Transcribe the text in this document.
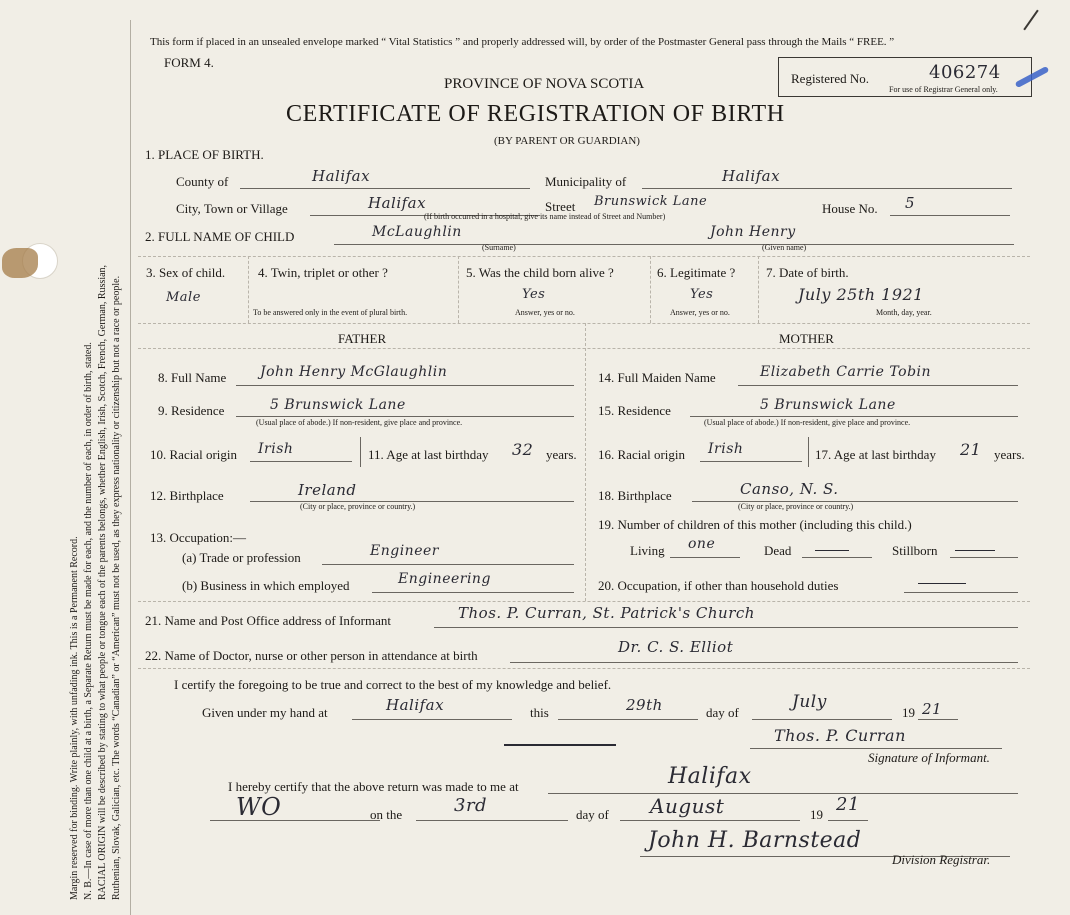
Margin reserved for binding. Write plainly, with unfading ink. This is a Permanent Record. N. B.—In case of more than one child at a birth, a Separate Return must be made for each, and the number of each, in order of birth, stated. RACIAL ORIGIN will be described by stating to what people or tongue each of the parents belongs, whether English, Irish, Scotch, French, German, Russian, Ruthenian, Slovak, Galician, etc. The words “Canadian” or “American” must not be used, as they express nationality or citizenship but not a race or people.
This form if placed in an unsealed envelope marked “ Vital Statistics ” and properly addressed will, by order of the Postmaster General pass through the Mails “ FREE. ”
FORM 4.
PROVINCE OF NOVA SCOTIA
CERTIFICATE OF REGISTRATION OF BIRTH
(BY PARENT OR GUARDIAN)
Registered No.	406274
For use of Registrar General only.
1. PLACE OF BIRTH.
County of	Halifax	Municipality of	Halifax
City, Town or Village	Halifax	Street Brunswick Lane
(If birth occurred in a hospital, give its name instead of Street and Number)
House No. 5
2. FULL NAME OF CHILD	McLaughlin
(Surname)
John Henry
(Given name)
3. Sex of child.
Male
4. Twin, triplet or other ?
To be answered only in the event of plural birth.
5. Was the child born alive ?
Yes
Answer, yes or no.
6. Legitimate ?
Yes
Answer, yes or no.
7. Date of birth.
July 25th 1921
Month, day, year.
FATHER	MOTHER
8. Full Name John Henry McGlaughlin
9. Residence	5 Brunswick Lane
(Usual place of abode.) If non-resident, give place and province.
10. Racial origin Irish	11. Age at last birthday 32 years.
12. Birthplace	Ireland
(City or place, province or country.)
13. Occupation:—
(a) Trade or profession	Engineer
(b) Business in which employed	Engineering
14. Full Maiden Name	Elizabeth Carrie Tobin
15. Residence	5 Brunswick Lane
(Usual place of abode.) If non-resident, give place and province.
16. Racial origin Irish	17. Age at last birthday 21 years.
18. Birthplace	Canso, N. S.
(City or place, province or country.)
19. Number of children of this mother (including this child.)
Living one	Dead	Stillborn
20. Occupation, if other than household duties
21. Name and Post Office address of Informant	Thos. P. Curran, St. Patrick's Church
22. Name of Doctor, nurse or other person in attendance at birth	Dr. C. S. Elliot
I certify the foregoing to be true and correct to the best of my knowledge and belief.
Given under my hand at	Halifax	this	29th	day of
July
19 21
Thos. P. Curran
Signature of Informant.
I hereby certify that the above return was made to me at	Halifax
WO	on the	3rd	day of August	19 21
John H. Barnstead
Division Registrar.
